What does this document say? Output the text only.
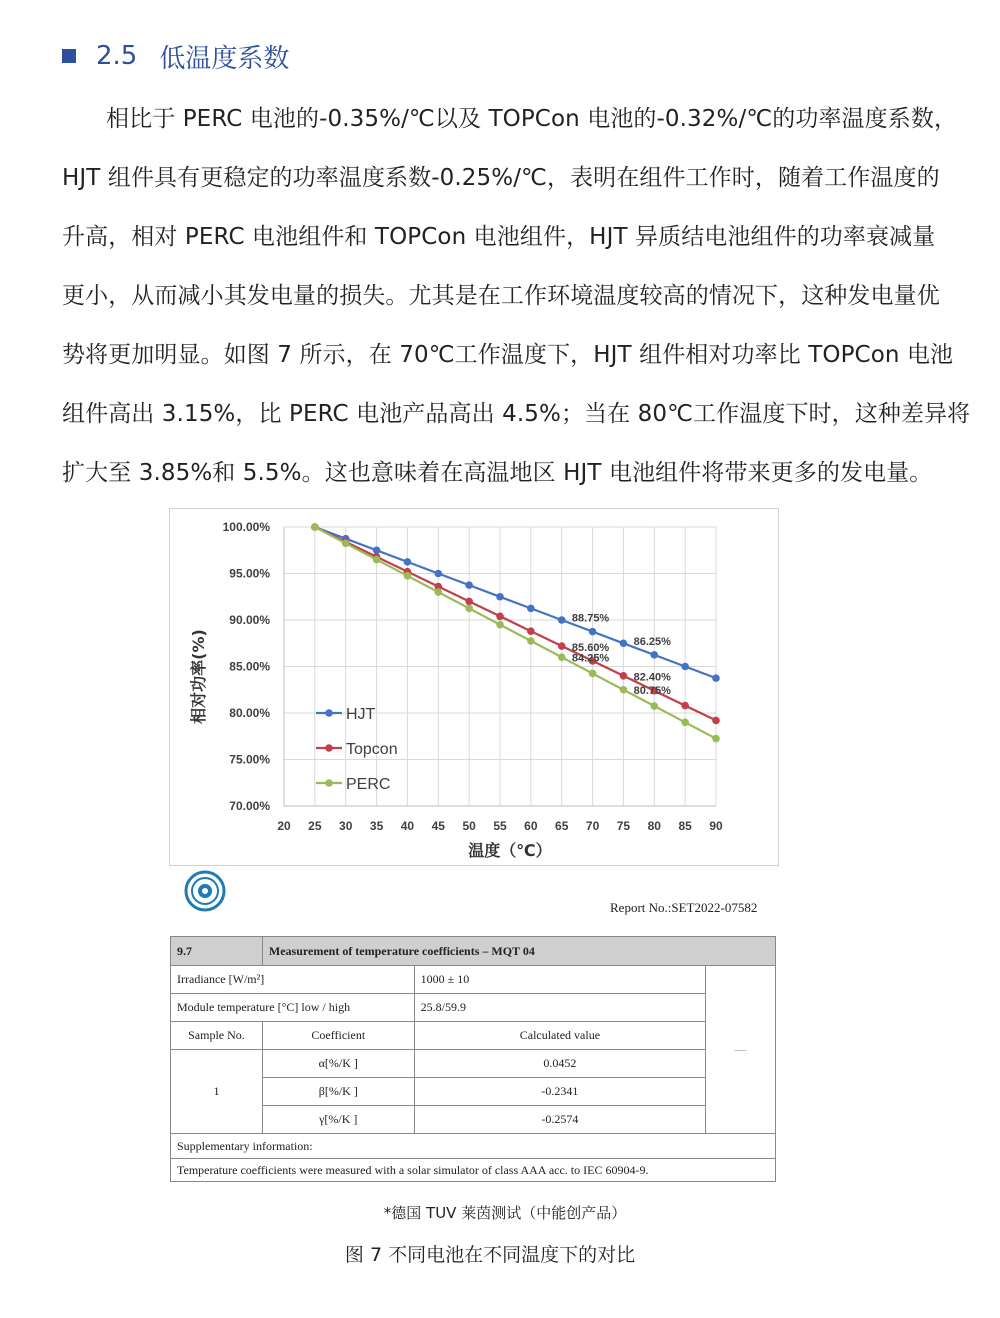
2.5 低温度系数
相比于 PERC 电池的-0.35%/℃以及 TOPCon 电池的-0.32%/℃的功率温度系数，
HJT 组件具有更稳定的功率温度系数-0.25%/℃，表明在组件工作时，随着工作温度的
升高，相对 PERC 电池组件和 TOPCon 电池组件，HJT 异质结电池组件的功率衰减量
更小，从而减小其发电量的损失。尤其是在工作环境温度较高的情况下，这种发电量优
势将更加明显。如图 7 所示，在 70℃工作温度下，HJT 组件相对功率比 TOPCon 电池
组件高出 3.15%，比 PERC 电池产品高出 4.5%；当在 80℃工作温度下时，这种差异将
扩大至 3.85%和 5.5%。这也意味着在高温地区 HJT 电池组件将带来更多的发电量。
100.00%
95.00%
90.00%
85.00%
80.00%
75.00%
70.00%
20 25 30 35 40 45 50 55 60 65 70 75 80 85 90
温度（℃）
相对功率(%)
88.75%
86.25%
85.60%
82.40%
84.25%
80.75%
HJT
Topcon
PERC
Report No.:SET2022-07582
9.7	Measurement of temperature coefficients – MQT 04		
Irradiance [W/m²]		1000 ± 10	—
Module temperature [°C] low / high		25.8/59.9	
Sample No.	Coefficient	Calculated value	
1	α[%/K ]	0.0452	
	β[%/K ]	-0.2341	
	γ[%/K ]	-0.2574	
Supplementary information:			
Temperature coefficients were measured with a solar simulator of class AAA acc. to IEC 60904-9.			
*德国 TUV 莱茵测试（中能创产品）
图 7 不同电池在不同温度下的对比
